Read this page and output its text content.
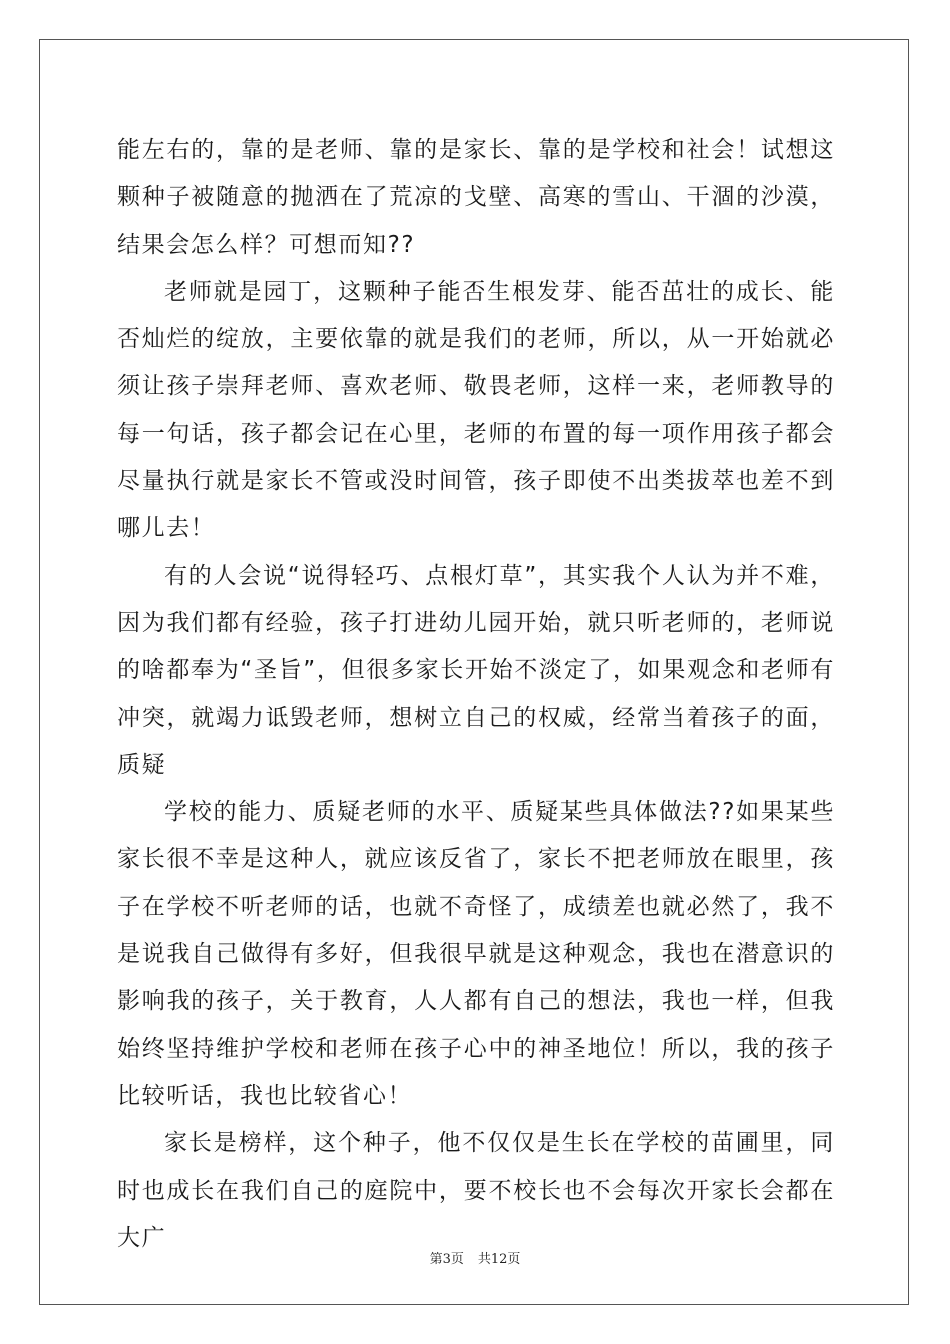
能左右的，靠的是老师、靠的是家长、靠的是学校和社会！试想这颗种子被随意的抛洒在了荒凉的戈壁、高寒的雪山、干涸的沙漠，结果会怎么样？可想而知??

老师就是园丁，这颗种子能否生根发芽、能否茁壮的成长、能否灿烂的绽放，主要依靠的就是我们的老师，所以，从一开始就必须让孩子崇拜老师、喜欢老师、敬畏老师，这样一来，老师教导的每一句话，孩子都会记在心里，老师的布置的每一项作用孩子都会尽量执行就是家长不管或没时间管，孩子即使不出类拔萃也差不到哪儿去！

有的人会说“说得轻巧、点根灯草”，其实我个人认为并不难，因为我们都有经验，孩子打进幼儿园开始，就只听老师的，老师说的啥都奉为“圣旨”，但很多家长开始不淡定了，如果观念和老师有冲突，就竭力诋毁老师，想树立自己的权威，经常当着孩子的面，质疑

学校的能力、质疑老师的水平、质疑某些具体做法??如果某些家长很不幸是这种人，就应该反省了，家长不把老师放在眼里，孩子在学校不听老师的话，也就不奇怪了，成绩差也就必然了，我不是说我自己做得有多好，但我很早就是这种观念，我也在潜意识的影响我的孩子，关于教育，人人都有自己的想法，我也一样，但我始终坚持维护学校和老师在孩子心中的神圣地位！所以，我的孩子比较听话，我也比较省心！

家长是榜样，这个种子，他不仅仅是生长在学校的苗圃里，同时也成长在我们自己的庭院中，要不校长也不会每次开家长会都在大广

第3页 共12页
